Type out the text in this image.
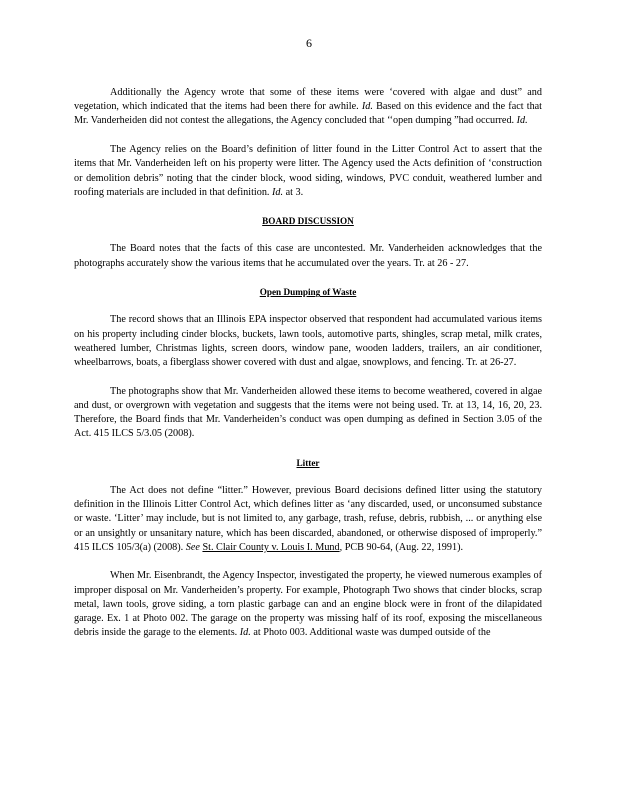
6

Additionally the Agency wrote that some of these items were ‘covered with algae and dust” and vegetation, which indicated that the items had been there for awhile. Id. Based on this evidence and the fact that Mr. Vanderheiden did not contest the allegations, the Agency concluded that ‘‘open dumping ”had occurred. Id.

The Agency relies on the Board’s definition of litter found in the Litter Control Act to assert that the items that Mr. Vanderheiden left on his property were litter. The Agency used the Acts definition of ‘construction or demolition debris” noting that the cinder block, wood siding, windows, PVC conduit, weathered lumber and roofing materials are included in that definition. Id. at 3.

BOARD DISCUSSION

The Board notes that the facts of this case are uncontested. Mr. Vanderheiden acknowledges that the photographs accurately show the various items that he accumulated over the years. Tr. at 26 - 27.

Open Dumping of Waste

The record shows that an Illinois EPA inspector observed that respondent had accumulated various items on his property including cinder blocks, buckets, lawn tools, automotive parts, shingles, scrap metal, milk crates, weathered lumber, Christmas lights, screen doors, window pane, wooden ladders, trailers, an air conditioner, wheelbarrows, boats, a fiberglass shower covered with dust and algae, snowplows, and fencing. Tr. at 26-27.

The photographs show that Mr. Vanderheiden allowed these items to become weathered, covered in algae and dust, or overgrown with vegetation and suggests that the items were not being used. Tr. at 13, 14, 16, 20, 23. Therefore, the Board finds that Mr. Vanderheiden’s conduct was open dumping as defined in Section 3.05 of the Act. 415 ILCS 5/3.05 (2008).

Litter

The Act does not define “litter.” However, previous Board decisions defined litter using the statutory definition in the Illinois Litter Control Act, which defines litter as ‘any discarded, used, or unconsumed substance or waste. ‘Litter’ may include, but is not limited to, any garbage, trash, refuse, debris, rubbish, ... or anything else or an unsightly or unsanitary nature, which has been discarded, abandoned, or otherwise disposed of improperly.” 415 ILCS 105/3(a) (2008). See St. Clair County v. Louis I. Mund, PCB 90-64, (Aug. 22, 1991).

When Mr. Eisenbrandt, the Agency Inspector, investigated the property, he viewed numerous examples of improper disposal on Mr. Vanderheiden’s property. For example, Photograph Two shows that cinder blocks, scrap metal, lawn tools, grove siding, a torn plastic garbage can and an engine block were in front of the dilapidated garage. Ex. 1 at Photo 002. The garage on the property was missing half of its roof, exposing the miscellaneous debris inside the garage to the elements. Id. at Photo 003. Additional waste was dumped outside of the
